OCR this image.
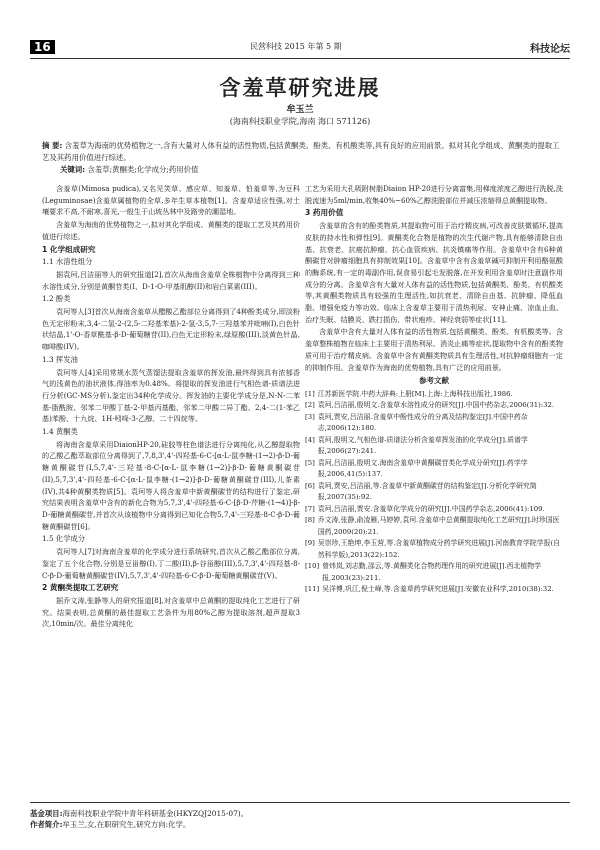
16	民营科技 2015 年第 5 期	科技论坛
含羞草研究进展
牟玉兰
(海南科技职业学院,海南 海口 571126)
摘 要: 含羞草为海南的优势植物之一,含有大量对人体有益的活性物质,包括黄酮类、酚类、有机酸类等,具有良好的应用前景。拟对其化学组成、黄酮类的提取工艺及其药用价值进行综述。
关键词: 含羞草;黄酮类;化学成分;药用价值

含羞草(Mimosa pudica),又名见笑草、感应草、知羞草、怕羞草等,为豆科(Leguminosae)含羞草属植物的全草,多年生草本植物[1]。含羞草适应性强,对土壤要求不高,不耐寒,喜光,一般生于山坡丛林中及路旁的潮湿地。

含羞草为海南的优势植物之一,拟对其化学组成、黄酮类的提取工艺及其药用价值进行综述。

1 化学组成研究
1.1 水溶性组分

据袁珂,吕洁丽等人的研究报道[2],首次从海南含羞草全株植物中分离得到三种水溶性成分,分别是黄酮苷类(I、D-1-O-甲基肌醇(II)和岩白菜素(III)。

1.2 酚类

袁珂等人[3]首次从海南含羞草从醋酸乙酯部位分离得到了4种酚类成分,即淡粉色无定形粉末,3,4-二氢-2-(2,5-二羟基苯基)-2-氢-3,5,7-三羟基苯并吡喃(I),白色针状结晶,1'-O-香草酰基-β-D-葡萄糖苷(II),白色无定形粉末,绿原酸(III),淡黄色针晶,咖啡酸(IV)。

1.3 挥发油

袁珂等人[4]采用常规水蒸气蒸馏法提取含羞草的挥发油,最终得到具有浓郁香气的浅黄色的油状液体,得油率为0.48%。将提取的挥发油进行气相色谱-质谱法进行分析(GC-MS分析),鉴定出34种化学成分。挥发油的主要化学成分是,N-N-二苯基-脂酰胺、邻苯二甲酸丁基-2-甲基丙基酯、邻苯二甲酸二异丁酯、2,4-二(1-苯乙基)苯酚、十九烷、1H-吲哚-3-乙醇、二十四烷等。

1.4 黄酮类

将海南含羞草采用DiaionHP-20,硅胶等柱色谱法进行分离纯化,从乙醇提取物的乙酸乙酯萃取部位分离得到了,7,8,3',4'-四羟基-6-C-[α-L-鼠李糖-(1→2)-β-D-葡糖黄酮碳苷(I,5,7,4'-三羟基-8-C-[α-L-鼠李糖(1→2)]-β-D-葡糖黄酮碳苷(II),5,7,3',4'-四羟基-6-C-[α-L-鼠李糖-(1→2)]-β-D-葡糖黄酮碳苷(III),儿茶素(IV),共4种黄酮类物质[5]。袁珂等人将含羞草中新黄酮碳苷的结构进行了鉴定,研究结果表明含羞草中含有的新化合物为5,7,3',4'-四羟基-6-C-[β-D-芹糖-(1→4)]-β-D-葡糖黄酮碳苷,并首次从该植物中分离得到已知化合物5,7,4'-三羟基-8-C-β-D-葡糖黄酮碳苷[6]。

1.5 化学成分

袁珂等人[7]对海南含羞草的化学成分进行系统研究,首次从乙酸乙酯部位分离,鉴定了五个化合物,分别是豆甾醇(I),丁二酸(II),β-谷甾醇(III),5,7,3',4'-四羟基-8-C-β-D-葡萄糖黄酮碳苷(IV),5,7,3',4'-四羟基-6-C-β-D-葡萄糖黄酮碳苷(V)。

2 黄酮类提取工艺研究

据乔文涛,张静等人的研究报道[8],对含羞草中总黄酮的提取纯化工艺进行了研究。结果表明,总黄酮的最佳提取工艺条件为用80%乙醇为提取溶剂,超声提取3次,10min/次。最佳分离纯化

工艺为采用大孔吸附树脂Diaion HP-20进行分离富集,用梯度浓度乙醇进行洗脱,洗脱流速为5ml/min,收集40%~60%乙醇洗脱部位并减压浓缩得总黄酮提取物。

3 药用价值

含羞草的含有的酚类物质,其提取物可用于治疗精皮病,可改善皮肤微循环,提高皮肤的持水性和弹性[9]。黄酮类化合物是植物的次生代谢产物,具有能够清除自由基、抗衰老、抗癌抗肿瘤、抗心血管疾病、抗炎镇痛等作用。含羞草中含有6种黄酮碳苷对肿瘤细胞具有抑制效果[10]。含羞草中含有含羞草碱可抑制开利用酪氨酸的酶系统,有一定的毒副作用,误食易引起毛发脱落,在开发利用含羞草时注意副作用成分的分离。含羞草含有大量对人体有益的活性物质,包括黄酮类、酚类、有机酸类等,其黄酮类物质具有较强的生理活性,如抗衰老、清除自由基、抗肿瘤、降低血脂、增强免疫力等功效。临床上含羞草主要用于清热利尿、安神止痛、凉血止血、治疗失眠、结膜炎、跌打损伤、带状疱疹、神经衰弱等症状[11]。

含羞草中含有大量对人体有益的活性物质,包括黄酮类、酚类、有机酸类等。含羞草整株植物在临床上主要用于清热利尿、消炎止痛等症状,提取物中含有的酚类物质可用于治疗精皮病。含羞草中含有黄酮类物质具有生理活性,对抗肿瘤细胞有一定的抑制作用。含羞草作为海南的优势植物,具有广泛的应用前景。

参考文献
[1] 江苏新医学院.中药大辞典:上册[M].上海:上海科技出版社,1986.
[2] 袁珂,吕洁丽,殷明文.含羞草水溶性成分的研究[J].中国中药杂志,2006(31):32.
[3] 袁珂,贾安,吕洁丽.含羞草中酚性成分的分离及结构鉴定[J].中国中药杂志,2006(12):180.
[4] 袁珂,殷明文,气相色谱-质谱法分析含羞草挥发油的化学成分[J].质谱学报,2006(27):241.
[5] 袁珂,吕洁丽,殷明文.海南含羞草中黄酮碳苷类化学成分研究[J].药学学报,2006,41(5):137.
[6] 袁珂,贾安,吕洁丽,等.含羞草中新黄酮碳苷的结构鉴定[J].分析化学研究简报,2007(35):92.
[7] 袁珂,吕洁丽,贾安.含羞草化学成分的研究[J].中国药学杂志,2006(41):109.
[8] 乔文涛,张静,俞凌雁,马婷婷,袁珂.含羞草中总黄酮提取纯化工艺研究[J].时珍国医国药,2009(20):21.
[9] 吴崇珍,王艳坤,李玉营,等.含羞草植物成分药学研究进展[J].河南教育学院学报(自然科学版),2013(22):152.
[10] 曾炜岚,刘志勤,邵云,等.黄酮类化合物药理作用的研究进展[J].西北植物学报,2003(23):211.
[11] 吴洋傅,巩江,倪士峰,等.含羞草药学研究进展[J].安徽农业科学,2010(38):32.
基金项目:海南科技职业学院中青年科研基金(HKYZQJ2015-07)。
作者简介:牟玉兰,女,在职研究生,研究方向:化学。
